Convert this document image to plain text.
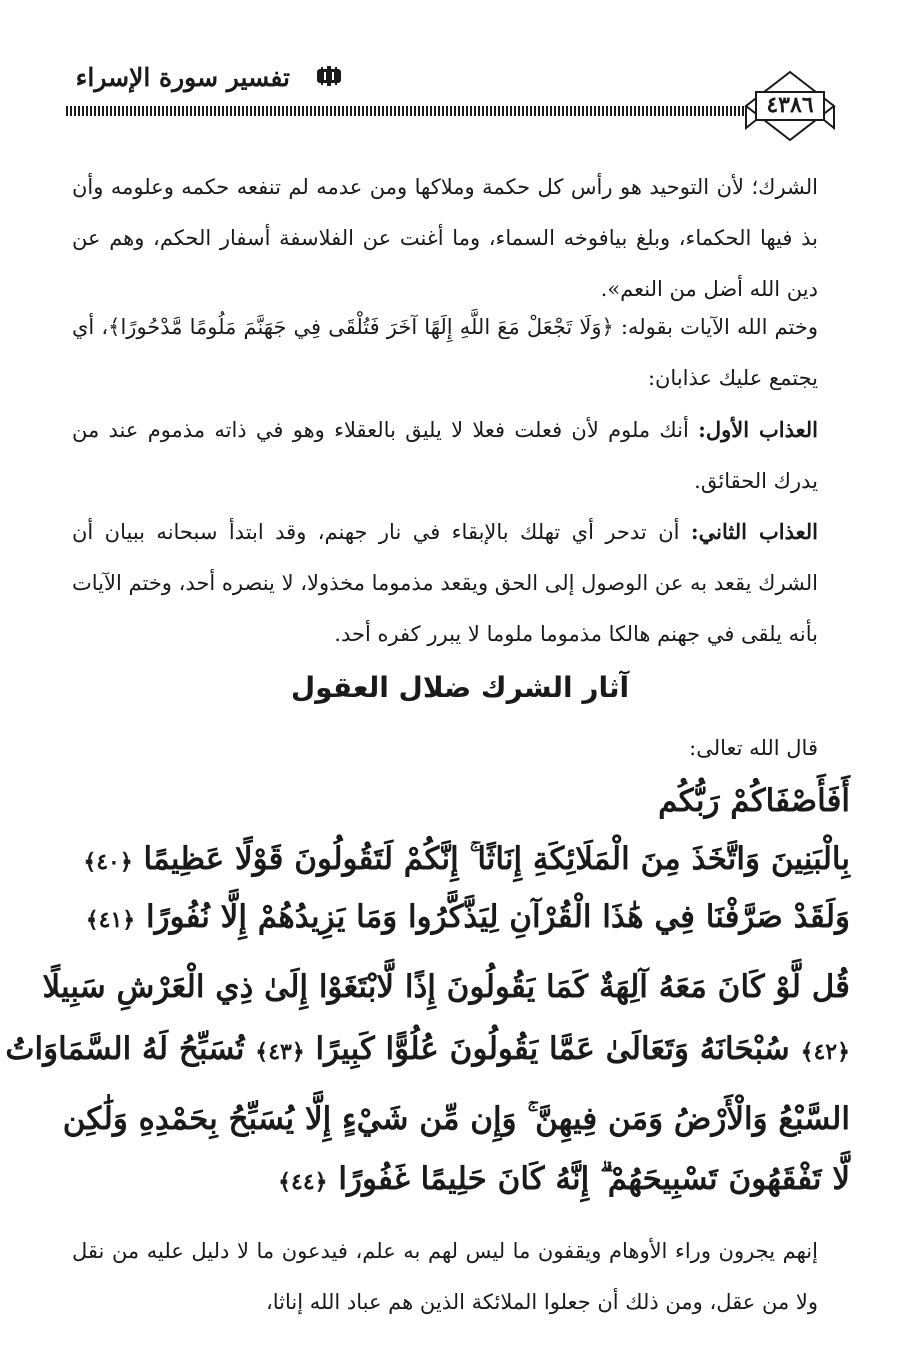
تفسير سورة الإسراء
٤٣٨٦

الشرك؛ لأن التوحيد هو رأس كل حكمة وملاكها ومن عدمه لم تنفعه حكمه وعلومه وأن بذ فيها الحكماء، وبلغ بيافوخه السماء، وما أغنت عن الفلاسفة أسفار الحكم، وهم عن دين الله أضل من النعم».

وختم الله الآيات بقوله: ﴿وَلَا تَجْعَلْ مَعَ اللَّهِ إِلَهًا آخَرَ فَتُلْقَى فِي جَهَنَّمَ مَلُومًا مَّدْحُورًا﴾، أي يجتمع عليك عذابان:

العذاب الأول: أنك ملوم لأن فعلت فعلا لا يليق بالعقلاء وهو في ذاته مذموم عند من يدرك الحقائق.

العذاب الثاني: أن تدحر أي تهلك بالإبقاء في نار جهنم، وقد ابتدأ سبحانه ببيان أن الشرك يقعد به عن الوصول إلى الحق ويقعد مذموما مخذولا، لا ينصره أحد، وختم الآيات بأنه يلقى في جهنم هالكا مذموما ملوما لا يبرر كفره أحد.

آثار الشرك ضلال العقول
قال الله تعالى:
أَفَأَصْفَاكُمْ رَبُّكُم
بِالْبَنِينَ وَاتَّخَذَ مِنَ الْمَلَائِكَةِ إِنَاثًا ۚ إِنَّكُمْ لَتَقُولُونَ قَوْلًا عَظِيمًا ﴿٤٠﴾
وَلَقَدْ صَرَّفْنَا فِي هَٰذَا الْقُرْآنِ لِيَذَّكَّرُوا وَمَا يَزِيدُهُمْ إِلَّا نُفُورًا ﴿٤١﴾
قُل لَّوْ كَانَ مَعَهُ آلِهَةٌ كَمَا يَقُولُونَ إِذًا لَّابْتَغَوْا إِلَىٰ ذِي الْعَرْشِ سَبِيلًا
﴿٤٢﴾ سُبْحَانَهُ وَتَعَالَىٰ عَمَّا يَقُولُونَ عُلُوًّا كَبِيرًا ﴿٤٣﴾ تُسَبِّحُ لَهُ السَّمَاوَاتُ
السَّبْعُ وَالْأَرْضُ وَمَن فِيهِنَّ ۚ وَإِن مِّن شَيْءٍ إِلَّا يُسَبِّحُ بِحَمْدِهِ وَلَٰكِن
لَّا تَفْقَهُونَ تَسْبِيحَهُمْ ۗ إِنَّهُ كَانَ حَلِيمًا غَفُورًا ﴿٤٤﴾

إنهم يجرون وراء الأوهام ويقفون ما ليس لهم به علم، فيدعون ما لا دليل عليه من نقل ولا من عقل، ومن ذلك أن جعلوا الملائكة الذين هم عباد الله إناثا،
